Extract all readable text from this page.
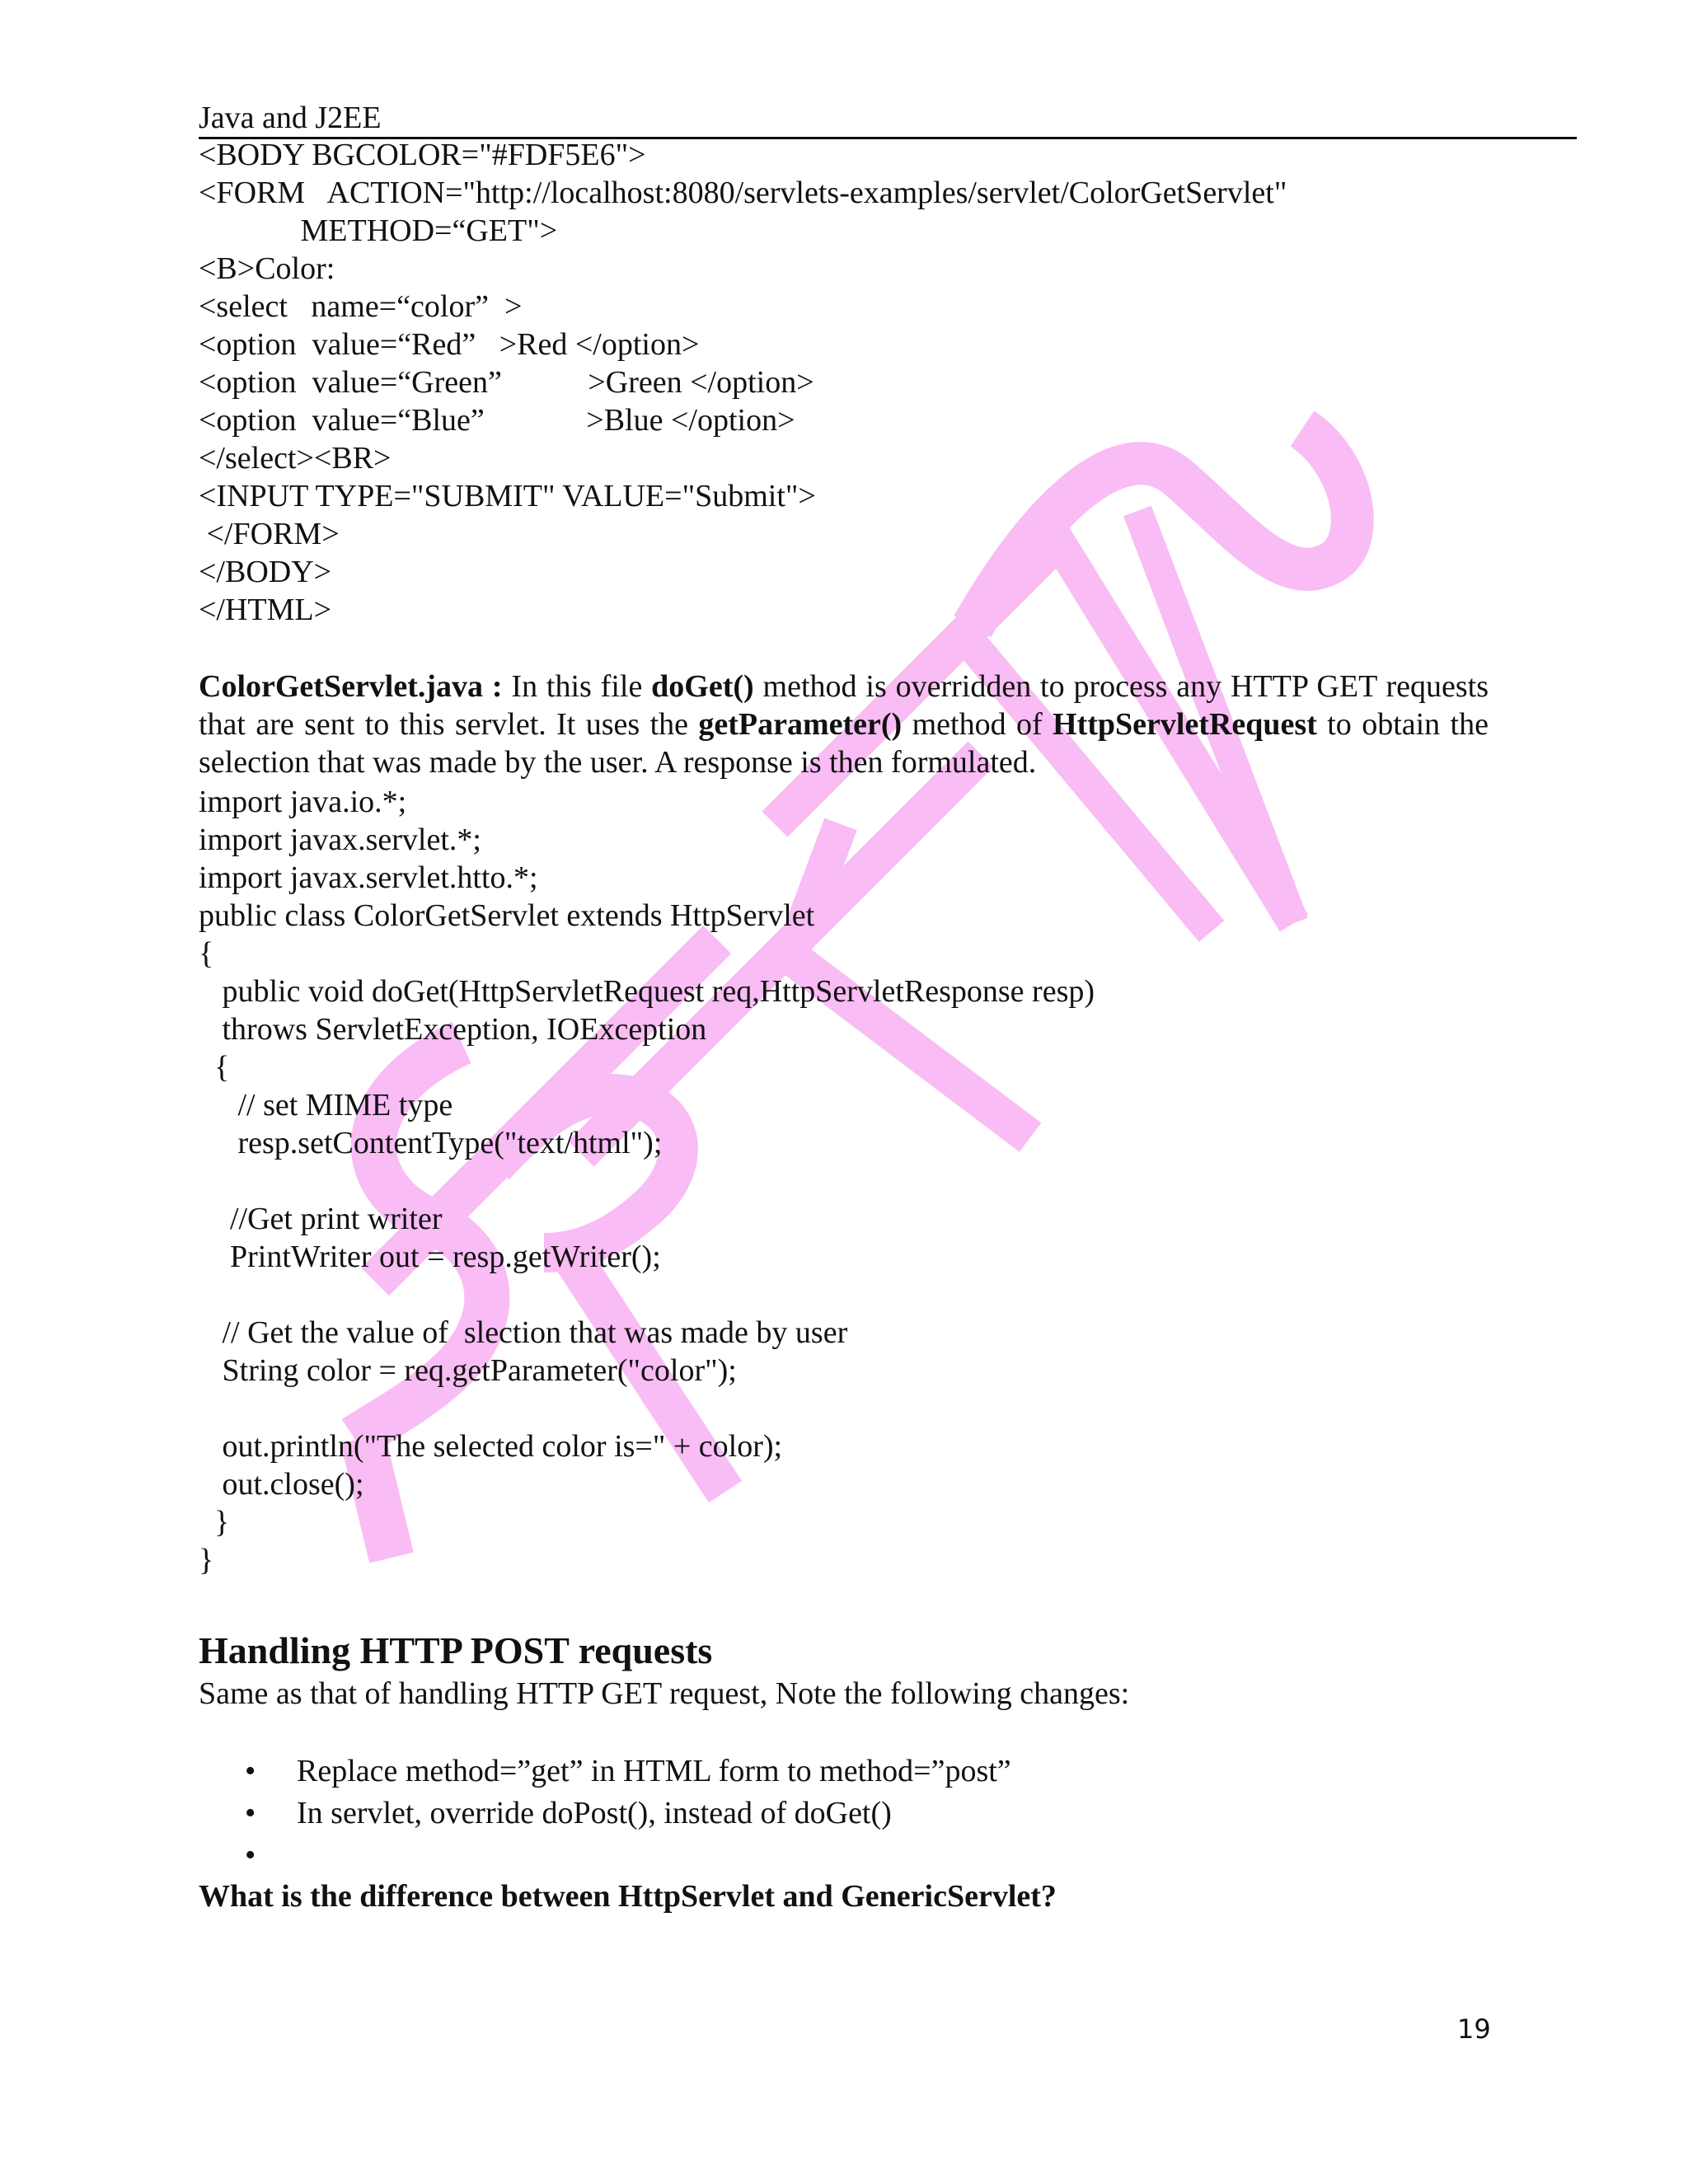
Java and J2EE
<BODY BGCOLOR="#FDF5E6">
<FORM   ACTION="http://localhost:8080/servlets-examples/servlet/ColorGetServlet"
METHOD=“GET">
<B>Color:
<select   name=“color”  >
<option  value=“Red”   >Red </option>
<option  value=“Green”           >Green </option>
<option  value=“Blue”             >Blue </option>
</select><BR>
<INPUT TYPE="SUBMIT" VALUE="Submit">
</FORM>
</BODY>
</HTML>
ColorGetServlet.java : In this file doGet() method is overridden to process any HTTP GET requests that are sent to this servlet. It uses the getParameter() method of HttpServletRequest to obtain the selection that was made by the user. A response is then formulated.
import java.io.*;
import javax.servlet.*;
import javax.servlet.htto.*;
public class ColorGetServlet extends HttpServlet
{
public void doGet(HttpServletRequest req,HttpServletResponse resp)
throws ServletException, IOException
{
// set MIME type
resp.setContentType("text/html");
//Get print writer
PrintWriter out = resp.getWriter();
// Get the value of  slection that was made by user
String color = req.getParameter("color");
out.println("The selected color is=" + color);
out.close();
}
}
Handling HTTP POST requests
Same as that of handling HTTP GET request, Note the following changes:
• Replace method=”get” in HTML form to method=”post”
• In servlet, override doPost(), instead of doGet()
•
What is the difference between HttpServlet and GenericServlet?
19
